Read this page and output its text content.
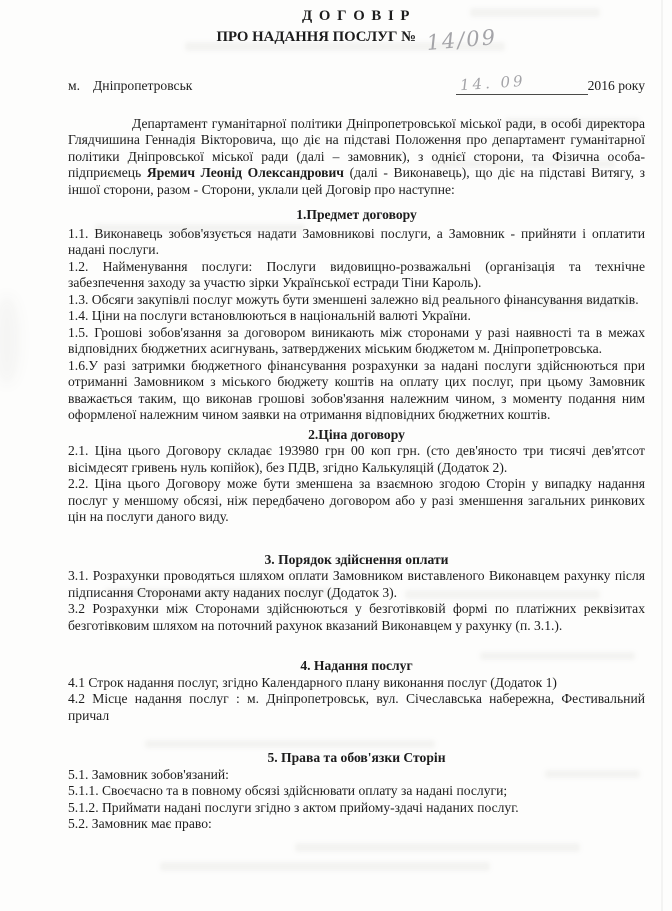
Д О Г О В І Р
ПРО НАДАННЯ ПОСЛУГ № 14/09
м. Дніпропетровськ	14. 09	2016 року

Департамент гуманітарної політики Дніпропетровської міської ради, в особі директора Глядчишина Геннадія Вікторовича, що діє на підставі Положення про департамент гуманітарної політики Дніпровської міської ради (далі – замовник), з однієї сторони, та Фізична особа-підприємець Яремич Леонід Олександрович (далі - Виконавець), що діє на підставі Витягу, з іншої сторони, разом - Сторони, уклали цей Договір про наступне:

1.Предмет договору

1.1. Виконавець зобов'язується надати Замовникові послуги, а Замовник - прийняти і оплатити надані послуги.

1.2. Найменування послуги: Послуги видовищно-розважальні (організація та технічне забезпечення заходу за участю зірки Української естради Тіни Кароль).

1.3. Обсяги закупівлі послуг можуть бути зменшені залежно від реального фінансування видатків.

1.4. Ціни на послуги встановлюються в національній валюті України.

1.5. Грошові зобов'язання за договором виникають між сторонами у разі наявності та в межах відповідних бюджетних асигнувань, затверджених міським бюджетом м. Дніпропетровська.

1.6.У разі затримки бюджетного фінансування розрахунки за надані послуги здійснюються при отриманні Замовником з міського бюджету коштів на оплату цих послуг, при цьому Замовник вважається таким, що виконав грошові зобов'язання належним чином, з моменту подання ним оформленої належним чином заявки на отримання відповідних бюджетних коштів.

2.Ціна договору

2.1. Ціна цього Договору складає 193980 грн 00 коп грн. (сто дев'яносто три тисячі дев'ятсот вісімдесят гривень нуль копійок), без ПДВ, згідно Калькуляцій (Додаток 2).

2.2. Ціна цього Договору може бути зменшена за взаємною згодою Сторін у випадку надання послуг у меншому обсязі, ніж передбачено договором або у разі зменшення загальних ринкових цін на послуги даного виду.

3. Порядок здійснення оплати

3.1. Розрахунки проводяться шляхом оплати Замовником виставленого Виконавцем рахунку після підписання Сторонами акту наданих послуг (Додаток 3).

3.2 Розрахунки між Сторонами здійснюються у безготівковій формі по платіжних реквізитах безготівковим шляхом на поточний рахунок вказаний Виконавцем у рахунку (п. 3.1.).

4. Надання послуг

4.1 Строк надання послуг, згідно Календарного плану виконання послуг (Додаток 1)

4.2 Місце надання послуг : м. Дніпропетровськ, вул. Січеславська набережна, Фестивальний причал

5. Права та обов'язки Сторін

5.1. Замовник зобов'язаний:

5.1.1. Своєчасно та в повному обсязі здійснювати оплату за надані послуги;

5.1.2. Приймати надані послуги згідно з актом прийому-здачі наданих послуг.

5.2. Замовник має право:
